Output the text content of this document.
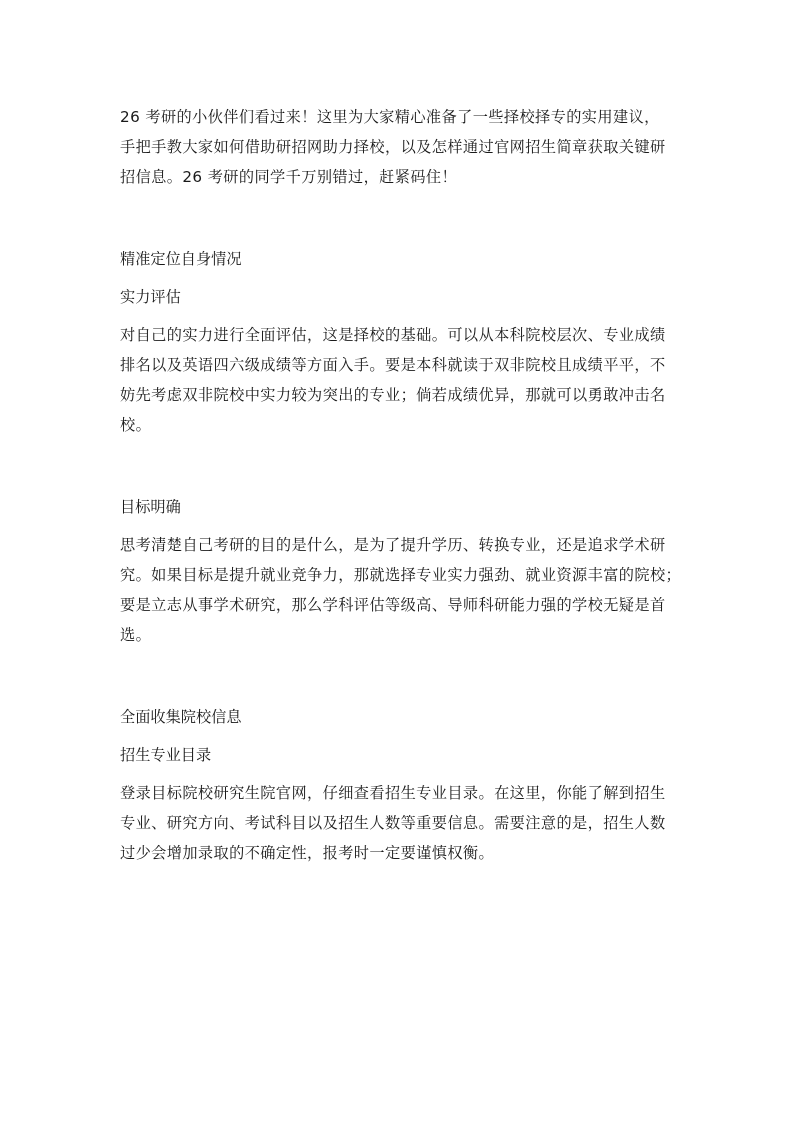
26 考研的小伙伴们看过来！这里为大家精心准备了一些择校择专的实用建议，
手把手教大家如何借助研招网助力择校，以及怎样通过官网招生简章获取关键研
招信息。26 考研的同学千万别错过，赶紧码住！
精准定位自身情况
实力评估
对自己的实力进行全面评估，这是择校的基础。可以从本科院校层次、专业成绩
排名以及英语四六级成绩等方面入手。要是本科就读于双非院校且成绩平平，不
妨先考虑双非院校中实力较为突出的专业；倘若成绩优异，那就可以勇敢冲击名
校。
目标明确
思考清楚自己考研的目的是什么，是为了提升学历、转换专业，还是追求学术研
究。如果目标是提升就业竞争力，那就选择专业实力强劲、就业资源丰富的院校；
要是立志从事学术研究，那么学科评估等级高、导师科研能力强的学校无疑是首
选。
全面收集院校信息
招生专业目录
登录目标院校研究生院官网，仔细查看招生专业目录。在这里，你能了解到招生
专业、研究方向、考试科目以及招生人数等重要信息。需要注意的是，招生人数
过少会增加录取的不确定性，报考时一定要谨慎权衡。
